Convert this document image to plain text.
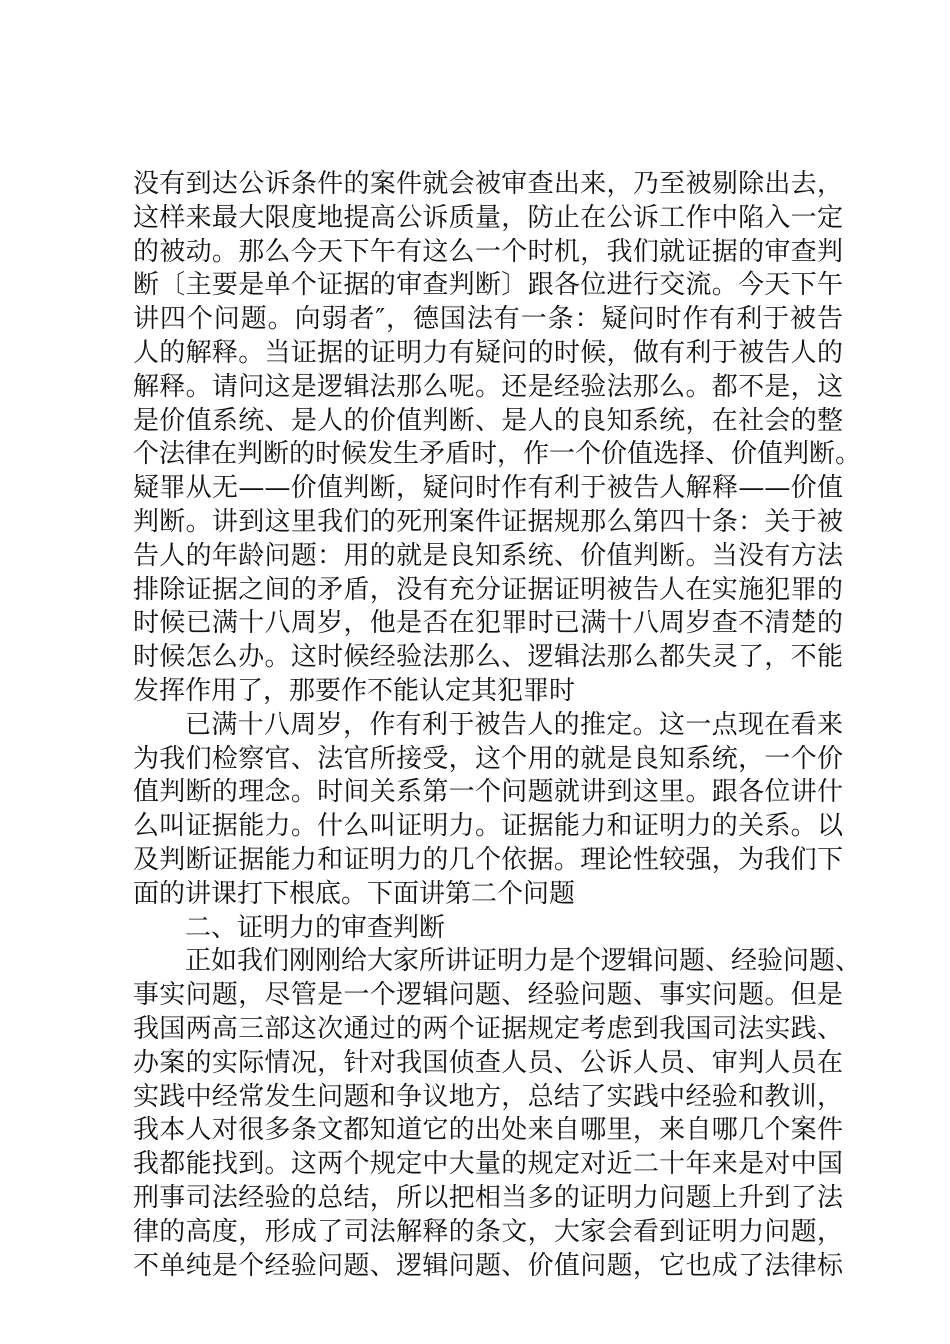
没有到达公诉条件的案件就会被审查出来，乃至被剔除出去，
这样来最大限度地提高公诉质量，防止在公诉工作中陷入一定
的被动。那么今天下午有这么一个时机，我们就证据的审查判
断〔主要是单个证据的审查判断〕跟各位进行交流。今天下午
讲四个问题。向弱者″，德国法有一条：疑问时作有利于被告
人的解释。当证据的证明力有疑问的时候，做有利于被告人的
解释。请问这是逻辑法那么呢。还是经验法那么。都不是，这
是价值系统、是人的价值判断、是人的良知系统，在社会的整
个法律在判断的时候发生矛盾时，作一个价值选择、价值判断。
疑罪从无——价值判断，疑问时作有利于被告人解释——价值
判断。讲到这里我们的死刑案件证据规那么第四十条：关于被
告人的年龄问题：用的就是良知系统、价值判断。当没有方法
排除证据之间的矛盾，没有充分证据证明被告人在实施犯罪的
时候已满十八周岁，他是否在犯罪时已满十八周岁查不清楚的
时候怎么办。这时候经验法那么、逻辑法那么都失灵了，不能
发挥作用了，那要作不能认定其犯罪时
已满十八周岁，作有利于被告人的推定。这一点现在看来
为我们检察官、法官所接受，这个用的就是良知系统，一个价
值判断的理念。时间关系第一个问题就讲到这里。跟各位讲什
么叫证据能力。什么叫证明力。证据能力和证明力的关系。以
及判断证据能力和证明力的几个依据。理论性较强，为我们下
面的讲课打下根底。下面讲第二个问题
二、证明力的审查判断
正如我们刚刚给大家所讲证明力是个逻辑问题、经验问题、
事实问题，尽管是一个逻辑问题、经验问题、事实问题。但是
我国两高三部这次通过的两个证据规定考虑到我国司法实践、
办案的实际情况，针对我国侦查人员、公诉人员、审判人员在
实践中经常发生问题和争议地方，总结了实践中经验和教训，
我本人对很多条文都知道它的出处来自哪里，来自哪几个案件
我都能找到。这两个规定中大量的规定对近二十年来是对中国
刑事司法经验的总结，所以把相当多的证明力问题上升到了法
律的高度，形成了司法解释的条文，大家会看到证明力问题，
不单纯是个经验问题、逻辑问题、价值问题，它也成了法律标
